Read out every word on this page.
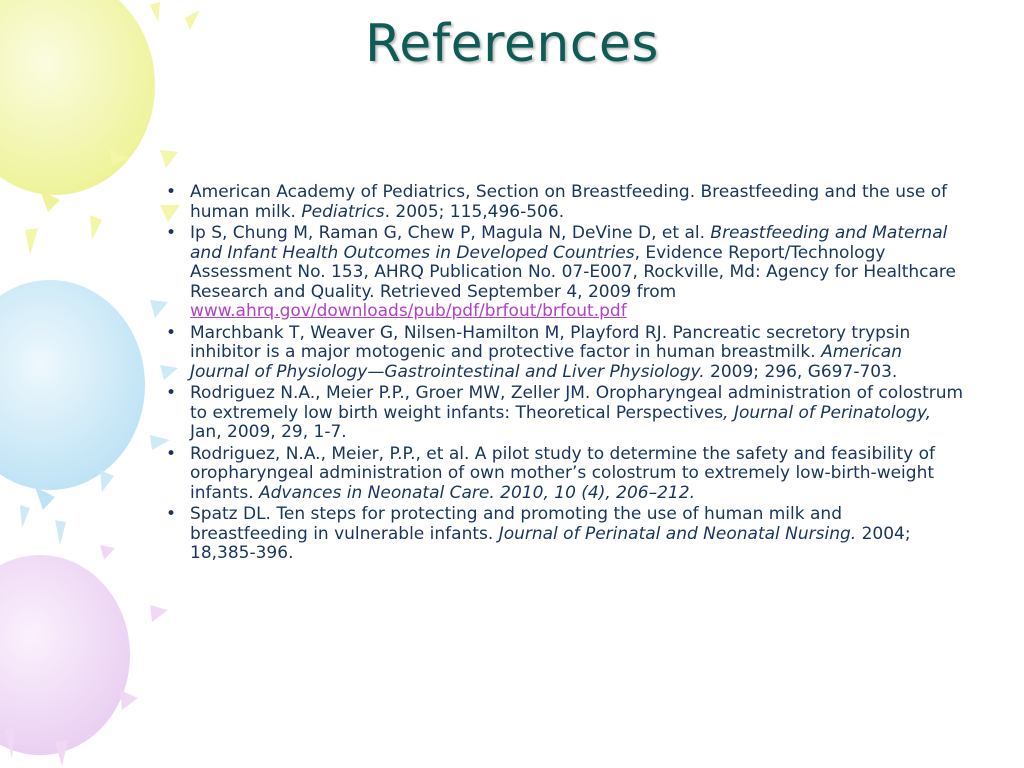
References
• American Academy of Pediatrics, Section on Breastfeeding. Breastfeeding and the use of human milk. Pediatrics. 2005; 115,496-506.
• Ip S, Chung M, Raman G, Chew P, Magula N, DeVine D, et al. Breastfeeding and Maternal and Infant Health Outcomes in Developed Countries, Evidence Report/Technology Assessment No. 153, AHRQ Publication No. 07-E007, Rockville, Md: Agency for Healthcare Research and Quality. Retrieved September 4, 2009 from www.ahrq.gov/downloads/pub/pdf/brfout/brfout.pdf
• Marchbank T, Weaver G, Nilsen-Hamilton M, Playford RJ. Pancreatic secretory trypsin inhibitor is a major motogenic and protective factor in human breastmilk. American Journal of Physiology—Gastrointestinal and Liver Physiology. 2009; 296, G697-703.
• Rodriguez N.A., Meier P.P., Groer MW, Zeller JM. Oropharyngeal administration of colostrum to extremely low birth weight infants: Theoretical Perspectives, Journal of Perinatology, Jan, 2009, 29, 1-7.
• Rodriguez, N.A., Meier, P.P., et al. A pilot study to determine the safety and feasibility of oropharyngeal administration of own mother’s colostrum to extremely low-birth-weight infants. Advances in Neonatal Care. 2010, 10 (4), 206–212.
• Spatz DL. Ten steps for protecting and promoting the use of human milk and breastfeeding in vulnerable infants. Journal of Perinatal and Neonatal Nursing. 2004; 18,385-396.
